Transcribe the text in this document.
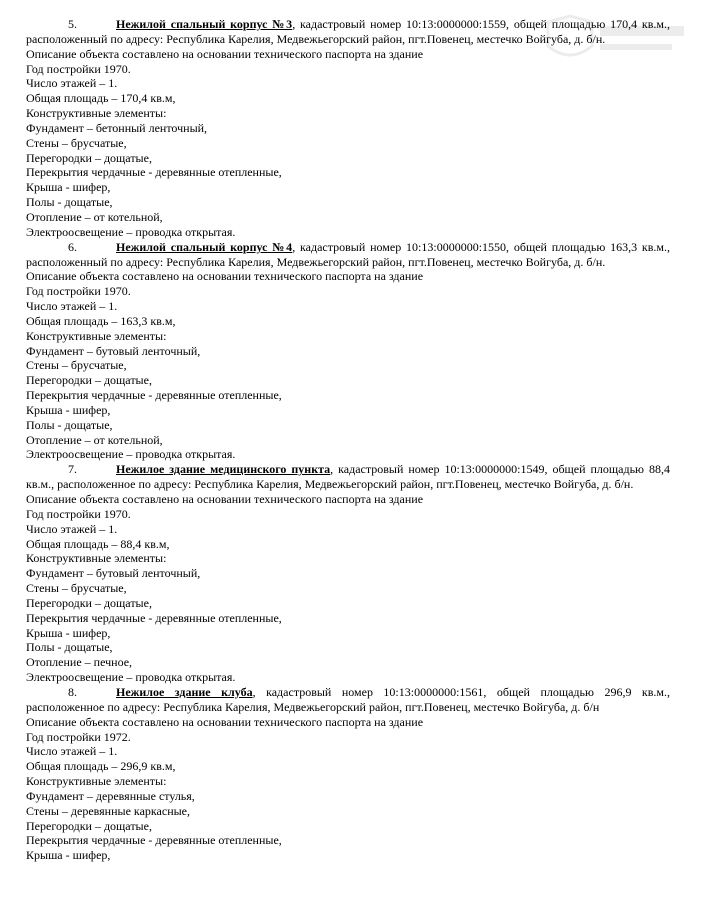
5.	Нежилой спальный корпус №3, кадастровый номер 10:13:0000000:1559, общей площадью 170,4 кв.м., расположенный по адресу: Республика Карелия, Медвежьегорский район, пгт.Повенец, местечко Войгуба, д. б/н.
Описание объекта составлено на основании технического паспорта на здание
Год постройки 1970.
Число этажей – 1.
Общая площадь – 170,4 кв.м,
Конструктивные элементы:
Фундамент – бетонный ленточный,
Стены – брусчатые,
Перегородки – дощатые,
Перекрытия чердачные - деревянные отепленные,
Крыша - шифер,
Полы - дощатые,
Отопление – от котельной,
Электроосвещение – проводка открытая.
6.	Нежилой спальный корпус №4, кадастровый номер 10:13:0000000:1550, общей площадью 163,3 кв.м., расположенный по адресу: Республика Карелия, Медвежьегорский район, пгт.Повенец, местечко Войгуба, д. б/н.
Описание объекта составлено на основании технического паспорта на здание
Год постройки 1970.
Число этажей – 1.
Общая площадь – 163,3 кв.м,
Конструктивные элементы:
Фундамент – бутовый ленточный,
Стены – брусчатые,
Перегородки – дощатые,
Перекрытия чердачные - деревянные отепленные,
Крыша - шифер,
Полы - дощатые,
Отопление – от котельной,
Электроосвещение – проводка открытая.
7.	Нежилое здание медицинского пункта, кадастровый номер 10:13:0000000:1549, общей площадью 88,4 кв.м., расположенное по адресу: Республика Карелия, Медвежьегорский район, пгт.Повенец, местечко Войгуба, д. б/н.
Описание объекта составлено на основании технического паспорта на здание
Год постройки 1970.
Число этажей – 1.
Общая площадь – 88,4 кв.м,
Конструктивные элементы:
Фундамент – бутовый ленточный,
Стены – брусчатые,
Перегородки – дощатые,
Перекрытия чердачные - деревянные отепленные,
Крыша - шифер,
Полы - дощатые,
Отопление – печное,
Электроосвещение – проводка открытая.
8.	Нежилое здание клуба, кадастровый номер 10:13:0000000:1561, общей площадью 296,9 кв.м., расположенное по адресу: Республика Карелия, Медвежьегорский район, пгт.Повенец, местечко Войгуба, д. б/н
Описание объекта составлено на основании технического паспорта на здание
Год постройки 1972.
Число этажей – 1.
Общая площадь – 296,9 кв.м,
Конструктивные элементы:
Фундамент – деревянные стулья,
Стены – деревянные каркасные,
Перегородки – дощатые,
Перекрытия чердачные - деревянные отепленные,
Крыша - шифер,
